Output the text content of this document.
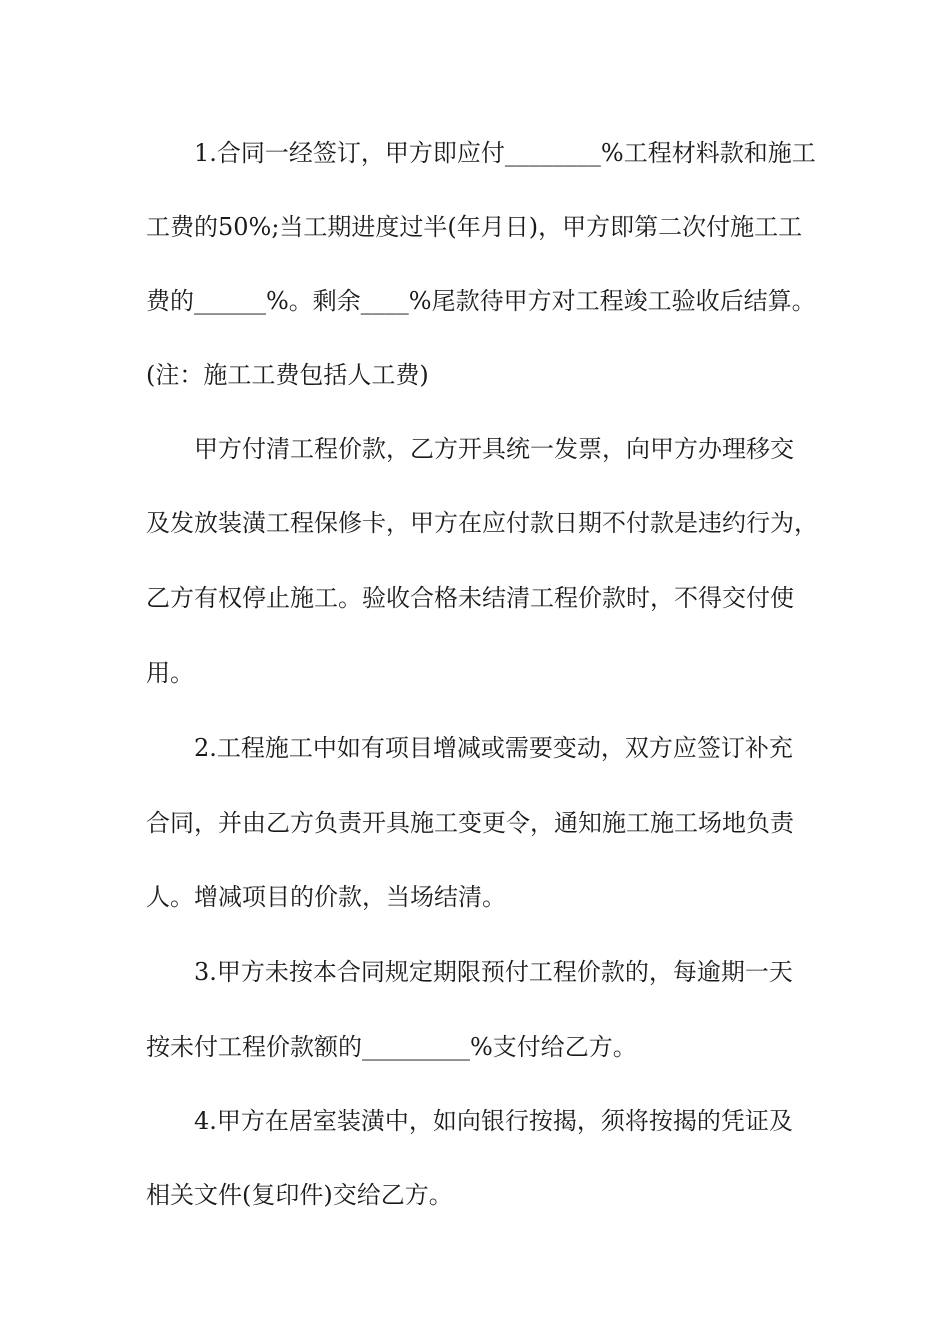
1.合同一经签订，甲方即应付________%工程材料款和施工
工费的50%;当工期进度过半(年月日)，甲方即第二次付施工工
费的______%。剩余____%尾款待甲方对工程竣工验收后结算。
(注：施工工费包括人工费)
甲方付清工程价款，乙方开具统一发票，向甲方办理移交
及发放装潢工程保修卡，甲方在应付款日期不付款是违约行为，
乙方有权停止施工。验收合格未结清工程价款时，不得交付使
用。
2.工程施工中如有项目增减或需要变动，双方应签订补充
合同，并由乙方负责开具施工变更令，通知施工施工场地负责
人。增减项目的价款，当场结清。
3.甲方未按本合同规定期限预付工程价款的，每逾期一天
按未付工程价款额的_________%支付给乙方。
4.甲方在居室装潢中，如向银行按揭，须将按揭的凭证及
相关文件(复印件)交给乙方。
